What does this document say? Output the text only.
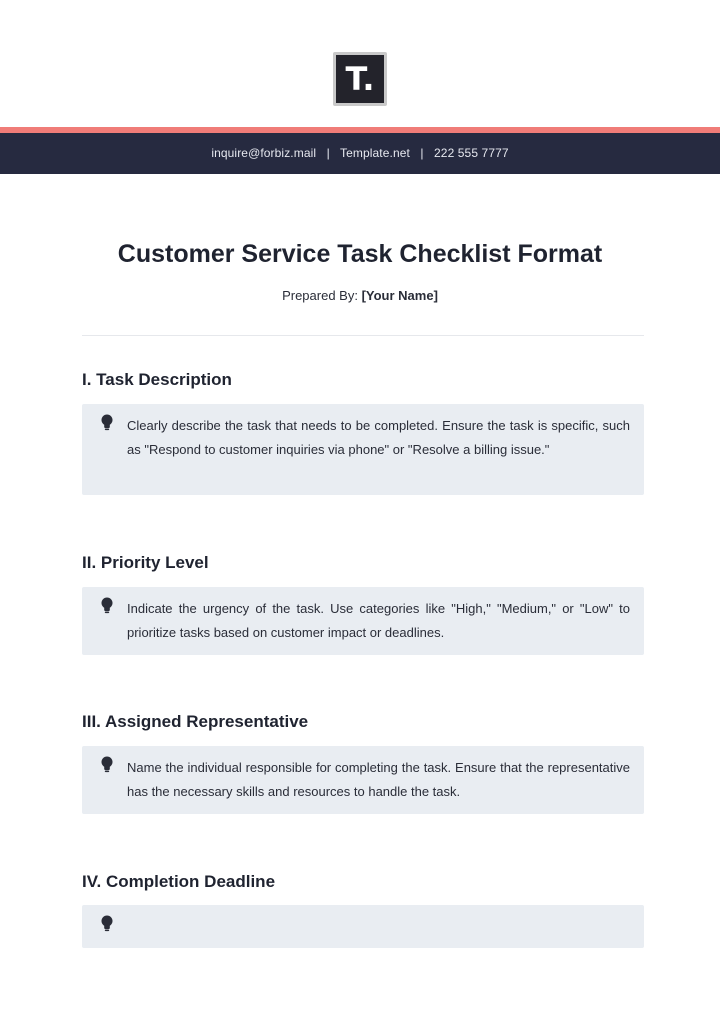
T.
inquire@forbiz.mail | Template.net | 222 555 7777
Customer Service Task Checklist Format
Prepared By: [Your Name]
I. Task Description

Clearly describe the task that needs to be completed. Ensure the task is specific, such as "Respond to customer inquiries via phone" or "Resolve a billing issue."

II. Priority Level

Indicate the urgency of the task. Use categories like "High," "Medium," or "Low" to prioritize tasks based on customer impact or deadlines.

III. Assigned Representative

Name the individual responsible for completing the task. Ensure that the representative has the necessary skills and resources to handle the task.

IV. Completion Deadline
